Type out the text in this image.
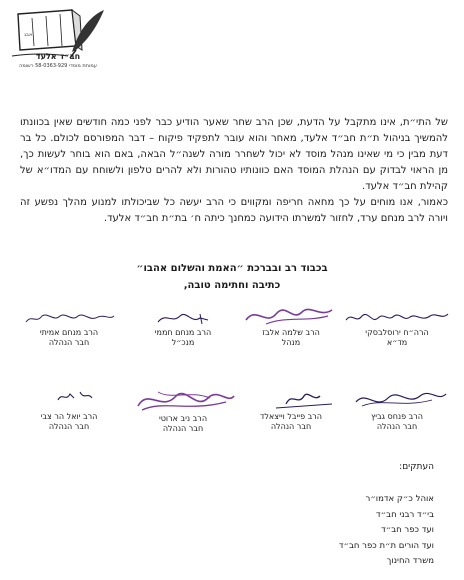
אבג
חב״ד אלעד
עמותת מוסדי 58-0363-929 רשומה
של התי״ת, אינו מתקבל על הדעת, שכן הרב שחר שאער הודיע כבר לפני כמה חודשים שאין בכוונתו להמשיך בניהול ת״ת חב״ד אלעד, מאחר והוא עובר לתפקיד פיקוח – דבר המפורסם לכולם. כל בר דעת מבין כי מי שאינו מנהל מוסד לא יכול לשחרר מורה לשנה״ל הבאה, באם הוא בוחר לעשות כך, מן הראוי לבדוק עם הנהלת המוסד האם כוונותיו טהורות ולא להרים טלפון ולשוחח עם המדו״א של קהילת חב״ד אלעד.
כאמור, אנו מוחים על כך מחאה חריפה ומקווים כי הרב יעשה כל שביכולתו למנוע מהלך נפשע זה ויורה לרב מנחם ערד, לחזור למשרתו הידועה כמחנך כיתה ח׳ בת״ת חב״ד אלעד.
בכבוד רב ובברכת ״האמת והשלום אהבו״
כתיבה וחתימה טובה,
הרה״ח ירוסלבסקי
מד״א
הרב שלמה אלבז
מנהל
הרב מנחם חממי
מנכ״ל
הרב מנחם אמיתי
חבר הנהלה
הרב פנחס גביץ
חבר הנהלה
הרב פייבל וייצאלד
חבר הנהלה
הרב ניב ארוטי
חבר הנהלה
הרב יואל הר צבי
חבר הנהלה
העתקים:
אוהל כ״ק אדמו״ר
בי״ד רבני חב״ד
ועד כפר חב״ד
ועד הורים ת״ת כפר חב״ד
משרד החינוך
